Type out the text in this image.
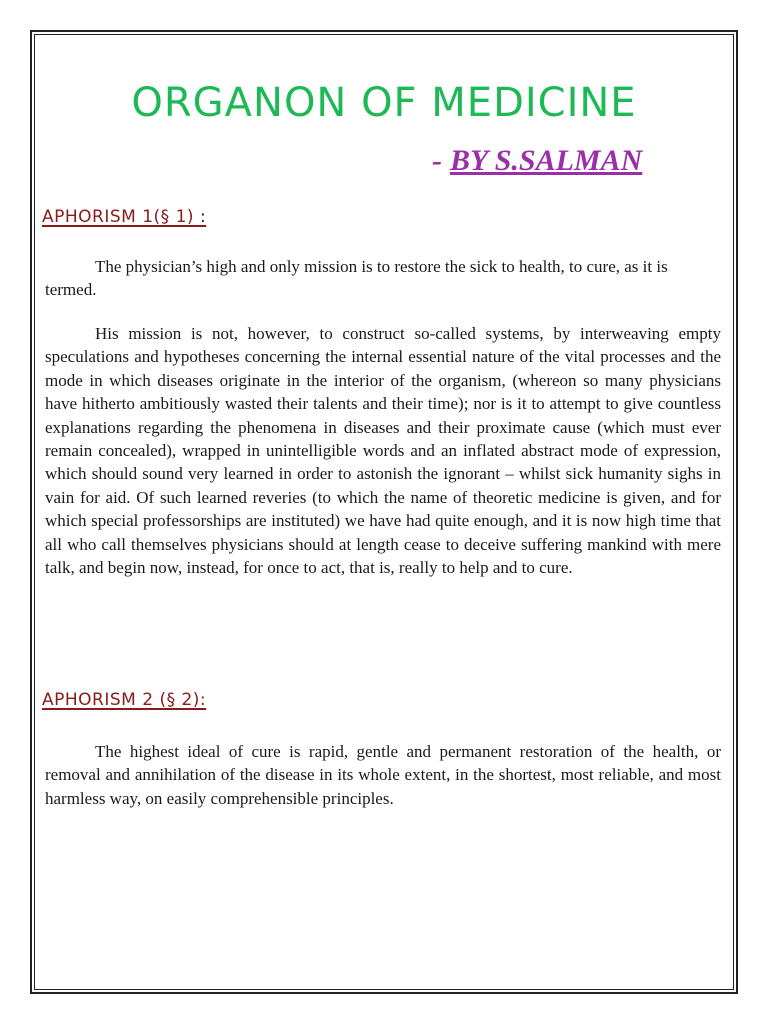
ORGANON OF MEDICINE

- BY S.SALMAN

APHORISM 1(§ 1) :

The physician’s high and only mission is to restore the sick to health, to cure, as it is termed.

His mission is not, however, to construct so-called systems, by interweaving empty speculations and hypotheses concerning the internal essential nature of the vital processes and the mode in which diseases originate in the interior of the organism, (whereon so many physicians have hitherto ambitiously wasted their talents and their time); nor is it to attempt to give countless explanations regarding the phenomena in diseases and their proximate cause (which must ever remain concealed), wrapped in unintelligible words and an inflated abstract mode of expression, which should sound very learned in order to astonish the ignorant – whilst sick humanity sighs in vain for aid. Of such learned reveries (to which the name of theoretic medicine is given, and for which special professorships are instituted) we have had quite enough, and it is now high time that all who call themselves physicians should at length cease to deceive suffering mankind with mere talk, and begin now, instead, for once to act, that is, really to help and to cure.

APHORISM 2 (§ 2):

The highest ideal of cure is rapid, gentle and permanent restoration of the health, or removal and annihilation of the disease in its whole extent, in the shortest, most reliable, and most harmless way, on easily comprehensible principles.
